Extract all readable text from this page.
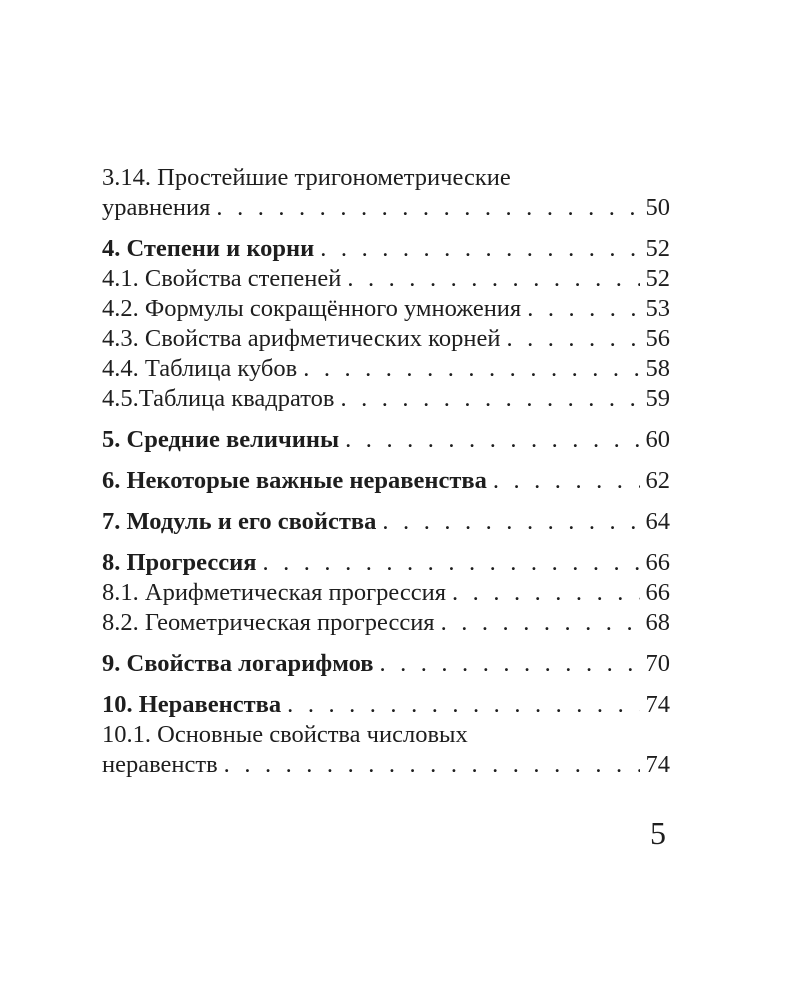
3.14. Простейшие тригонометрические
уравнения . . .	50
4. Степени и корни . . .	52
4.1. Свойства степеней . . .	52
4.2. Формулы сокращённого умножения . . .	53
4.3. Свойства арифметических корней . . .	56
4.4. Таблица кубов . . .	58
4.5.Таблица квадратов . . .	59
5. Средние величины . . .	60
6. Некоторые важные неравенства . . .	62
7. Модуль и его свойства . . .	64
8. Прогрессия . . .	66
8.1. Арифметическая прогрессия . . .	66
8.2. Геометрическая прогрессия . . .	68
9. Свойства логарифмов . . .	70
10. Неравенства . . .	74
10.1. Основные свойства числовых
неравенств . . .	74
5
